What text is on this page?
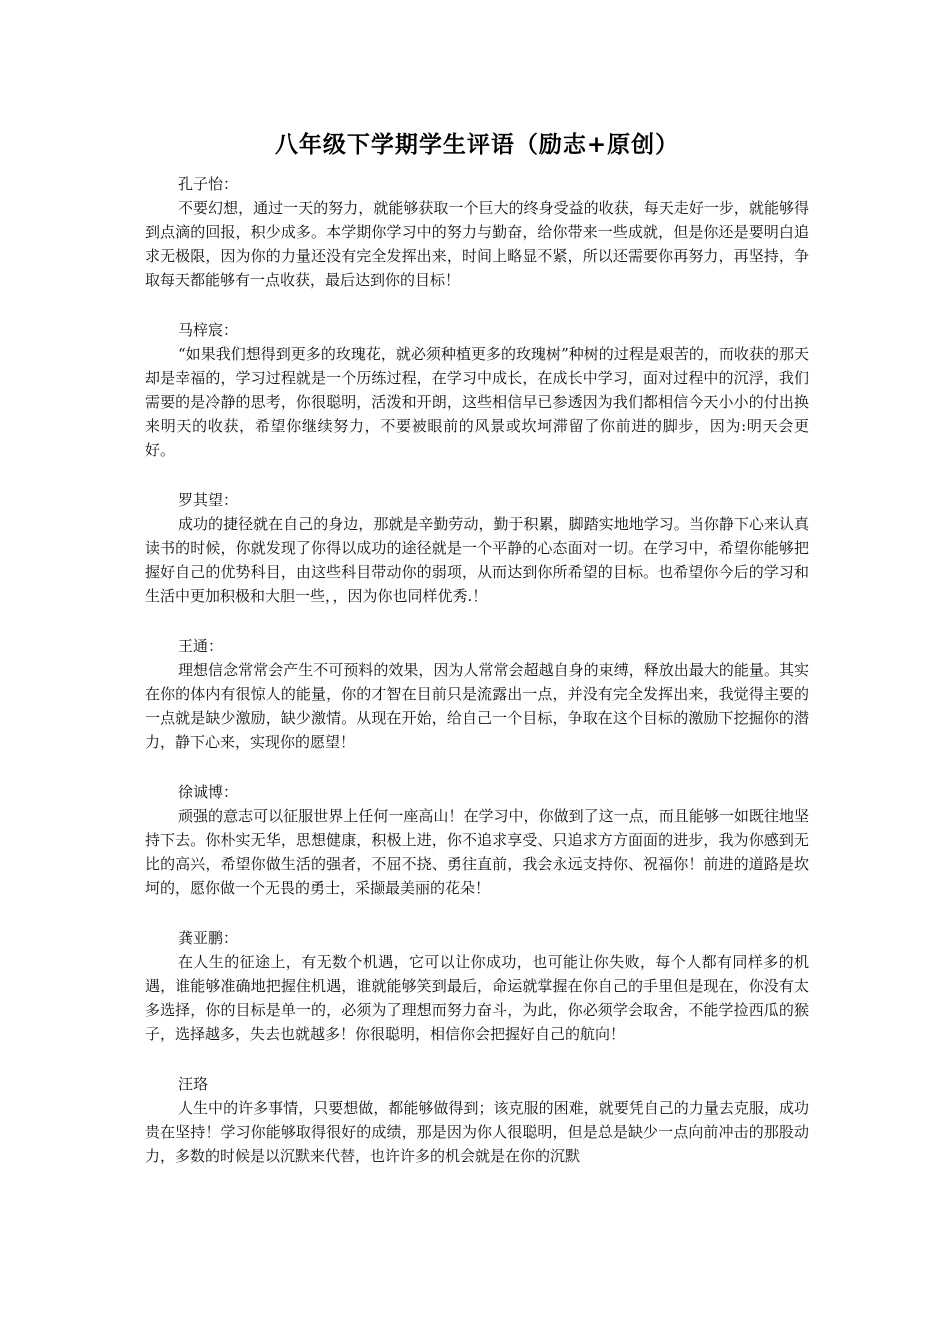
八年级下学期学生评语（励志+原创）

孔子怡：

不要幻想，通过一天的努力，就能够获取一个巨大的终身受益的收获，每天走好一步，就能够得到点滴的回报，积少成多。本学期你学习中的努力与勤奋，给你带来一些成就，但是你还是要明白追求无极限，因为你的力量还没有完全发挥出来，时间上略显不紧，所以还需要你再努力，再坚持，争取每天都能够有一点收获，最后达到你的目标！

马梓宸：

“如果我们想得到更多的玫瑰花，就必须种植更多的玫瑰树”种树的过程是艰苦的，而收获的那天却是幸福的，学习过程就是一个历练过程，在学习中成长，在成长中学习，面对过程中的沉浮，我们需要的是冷静的思考，你很聪明，活泼和开朗，这些相信早已参透因为我们都相信今天小小的付出换来明天的收获，希望你继续努力，不要被眼前的风景或坎坷滞留了你前进的脚步，因为:明天会更好。

罗其望：

成功的捷径就在自己的身边，那就是辛勤劳动，勤于积累，脚踏实地地学习。当你静下心来认真读书的时候，你就发现了你得以成功的途径就是一个平静的心态面对一切。在学习中，希望你能够把握好自己的优势科目，由这些科目带动你的弱项，从而达到你所希望的目标。也希望你今后的学习和生活中更加积极和大胆一些，，因为你也同样优秀.！

王通：

理想信念常常会产生不可预料的效果，因为人常常会超越自身的束缚，释放出最大的能量。其实在你的体内有很惊人的能量，你的才智在目前只是流露出一点，并没有完全发挥出来，我觉得主要的一点就是缺少激励，缺少激情。从现在开始，给自己一个目标，争取在这个目标的激励下挖掘你的潜力，静下心来，实现你的愿望！

徐诚博：

顽强的意志可以征服世界上任何一座高山！在学习中，你做到了这一点，而且能够一如既往地坚持下去。你朴实无华，思想健康，积极上进，你不追求享受、只追求方方面面的进步，我为你感到无比的高兴，希望你做生活的强者，不屈不挠、勇往直前，我会永远支持你、祝福你！前进的道路是坎坷的，愿你做一个无畏的勇士，采撷最美丽的花朵！

龚亚鹏：

在人生的征途上，有无数个机遇，它可以让你成功，也可能让你失败，每个人都有同样多的机遇，谁能够准确地把握住机遇，谁就能够笑到最后，命运就掌握在你自己的手里但是现在，你没有太多选择，你的目标是单一的，必须为了理想而努力奋斗，为此，你必须学会取舍，不能学捡西瓜的猴子，选择越多，失去也就越多！你很聪明，相信你会把握好自己的航向！

汪珞

人生中的许多事情，只要想做，都能够做得到；该克服的困难，就要凭自己的力量去克服，成功贵在坚持！学习你能够取得很好的成绩，那是因为你人很聪明，但是总是缺少一点向前冲击的那股动力，多数的时候是以沉默来代替，也许许多的机会就是在你的沉默
